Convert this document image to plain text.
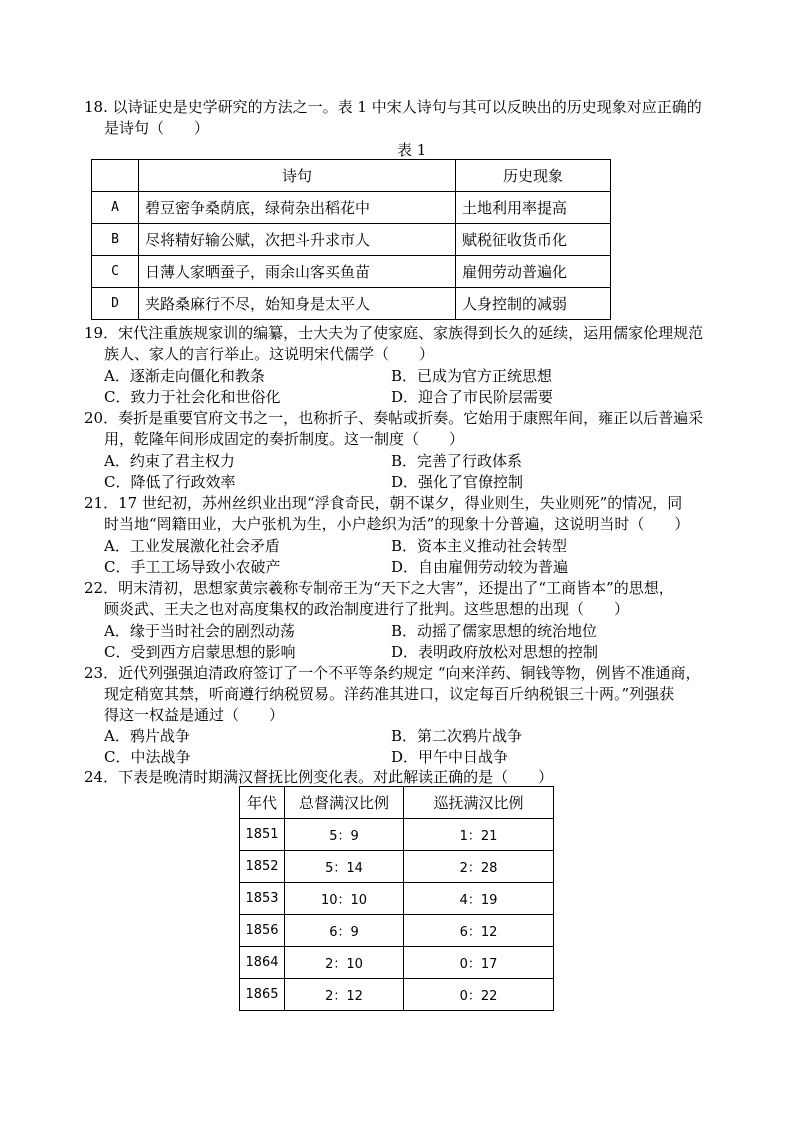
18. 以诗证史是史学研究的方法之一。表 1 中宋人诗句与其可以反映出的历史现象对应正确的
是诗句（　　）
表 1
	诗句	历史现象
A	碧豆密争桑荫底，绿荷杂出稻花中	土地利用率提高
B	尽将精好输公赋，次把斗升求市人	赋税征收货币化
C	日薄人家晒蚕子，雨余山客买鱼苗	雇佣劳动普遍化
D	夹路桑麻行不尽，始知身是太平人	人身控制的减弱
19．宋代注重族规家训的编纂，士大夫为了使家庭、家族得到长久的延续，运用儒家伦理规范
族人、家人的言行举止。这说明宋代儒学（　　）
A．逐渐走向僵化和教条	B．已成为官方正统思想
C．致力于社会化和世俗化	D．迎合了市民阶层需要
20．奏折是重要官府文书之一，也称折子、奏帖或折奏。它始用于康熙年间，雍正以后普遍采
用，乾隆年间形成固定的奏折制度。这一制度（　　）
A．约束了君主权力	B．完善了行政体系
C．降低了行政效率	D．强化了官僚控制
21．17 世纪初，苏州丝织业出现“浮食奇民，朝不谋夕，得业则生，失业则死”的情况，同
时当地“罔籍田业，大户张机为生，小户趁织为活”的现象十分普遍，这说明当时（　　）
A．工业发展激化社会矛盾	B．资本主义推动社会转型
C．手工工场导致小农破产	D．自由雇佣劳动较为普遍
22．明末清初，思想家黄宗羲称专制帝王为“天下之大害”，还提出了“工商皆本”的思想，
顾炎武、王夫之也对高度集权的政治制度进行了批判。这些思想的出现（　　）
A．缘于当时社会的剧烈动荡	B．动摇了儒家思想的统治地位
C．受到西方启蒙思想的影响	D．表明政府放松对思想的控制
23．近代列强强迫清政府签订了一个不平等条约规定 “向来洋药、铜钱等物，例皆不准通商，
现定稍宽其禁，听商遵行纳税贸易。洋药准其进口，议定每百斤纳税银三十两。”列强获
得这一权益是通过（　　）
A．鸦片战争	B．第二次鸦片战争
C．中法战争	D．甲午中日战争
24．下表是晚清时期满汉督抚比例变化表。对此解读正确的是（　　）
年代	总督满汉比例	巡抚满汉比例
1851	5：9	1：21
1852	5：14	2：28
1853	10：10	4：19
1856	6：9	6：12
1864	2：10	0：17
1865	2：12	0：22
